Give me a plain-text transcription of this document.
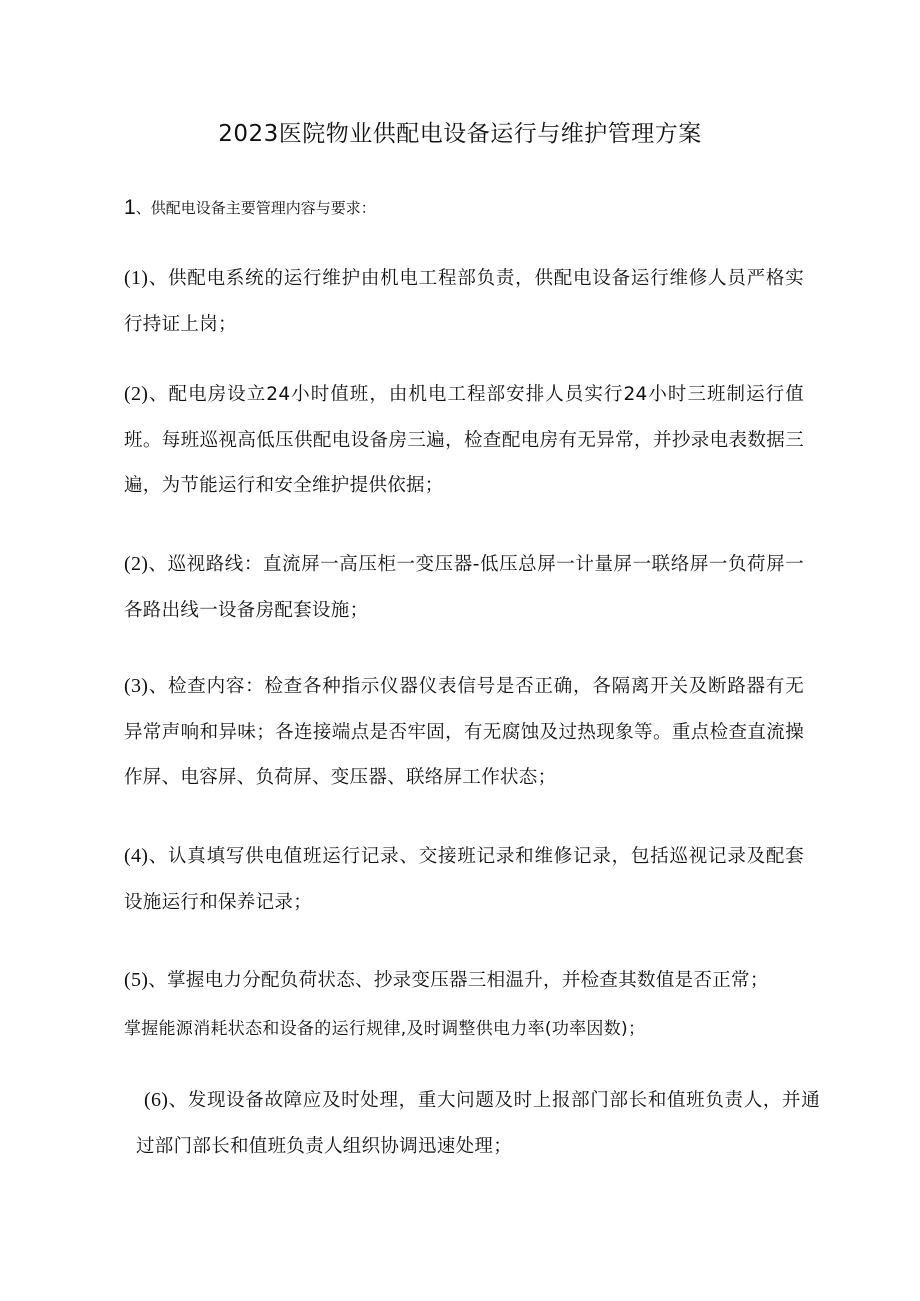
2023医院物业供配电设备运行与维护管理方案
1、供配电设备主要管理内容与要求：
(1)、供配电系统的运行维护由机电工程部负责，供配电设备运行维修人员严格实行持证上岗；
(2)、配电房设立24小时值班，由机电工程部安排人员实行24小时三班制运行值班。每班巡视高低压供配电设备房三遍，检查配电房有无异常，并抄录电表数据三遍，为节能运行和安全维护提供依据；
(2)、巡视路线：直流屏一高压柜一变压器-低压总屏一计量屏一联络屏一负荷屏一各路出线一设备房配套设施；
(3)、检查内容：检查各种指示仪器仪表信号是否正确，各隔离开关及断路器有无异常声响和异味；各连接端点是否牢固，有无腐蚀及过热现象等。重点检查直流操作屏、电容屏、负荷屏、变压器、联络屏工作状态；
(4)、认真填写供电值班运行记录、交接班记录和维修记录，包括巡视记录及配套设施运行和保养记录；
(5)、掌握电力分配负荷状态、抄录变压器三相温升，并检查其数值是否正常；
掌握能源消耗状态和设备的运行规律,及时调整供电力率(功率因数)；
(6)、发现设备故障应及时处理，重大问题及时上报部门部长和值班负责人，并通过部门部长和值班负责人组织协调迅速处理；
